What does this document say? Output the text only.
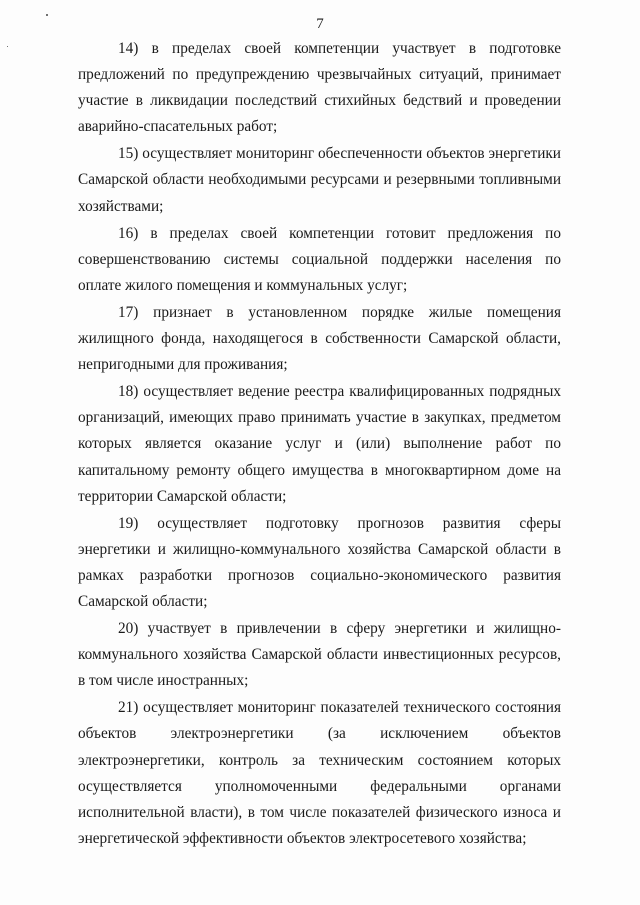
7

14) в пределах своей компетенции участвует в подготовке предложений по предупреждению чрезвычайных ситуаций, принимает участие в ликвидации последствий стихийных бедствий и проведении аварийно-спасательных работ;

15) осуществляет мониторинг обеспеченности объектов энергетики Самарской области необходимыми ресурсами и резервными топливными хозяйствами;

16) в пределах своей компетенции готовит предложения по совершенствованию системы социальной поддержки населения по оплате жилого помещения и коммунальных услуг;

17) признает в установленном порядке жилые помещения жилищного фонда, находящегося в собственности Самарской области, непригодными для проживания;

18) осуществляет ведение реестра квалифицированных подрядных организаций, имеющих право принимать участие в закупках, предметом которых является оказание услуг и (или) выполнение работ по капитальному ремонту общего имущества в многоквартирном доме на территории Самарской области;

19) осуществляет подготовку прогнозов развития сферы энергетики и жилищно-коммунального хозяйства Самарской области в рамках разработки прогнозов социально-экономического развития Самарской области;

20) участвует в привлечении в сферу энергетики и жилищно-коммунального хозяйства Самарской области инвестиционных ресурсов, в том числе иностранных;

21) осуществляет мониторинг показателей технического состояния объектов электроэнергетики (за исключением объектов электроэнергетики, контроль за техническим состоянием которых осуществляется уполномоченными федеральными органами исполнительной власти), в том числе показателей физического износа и энергетической эффективности объектов электросетевого хозяйства;
